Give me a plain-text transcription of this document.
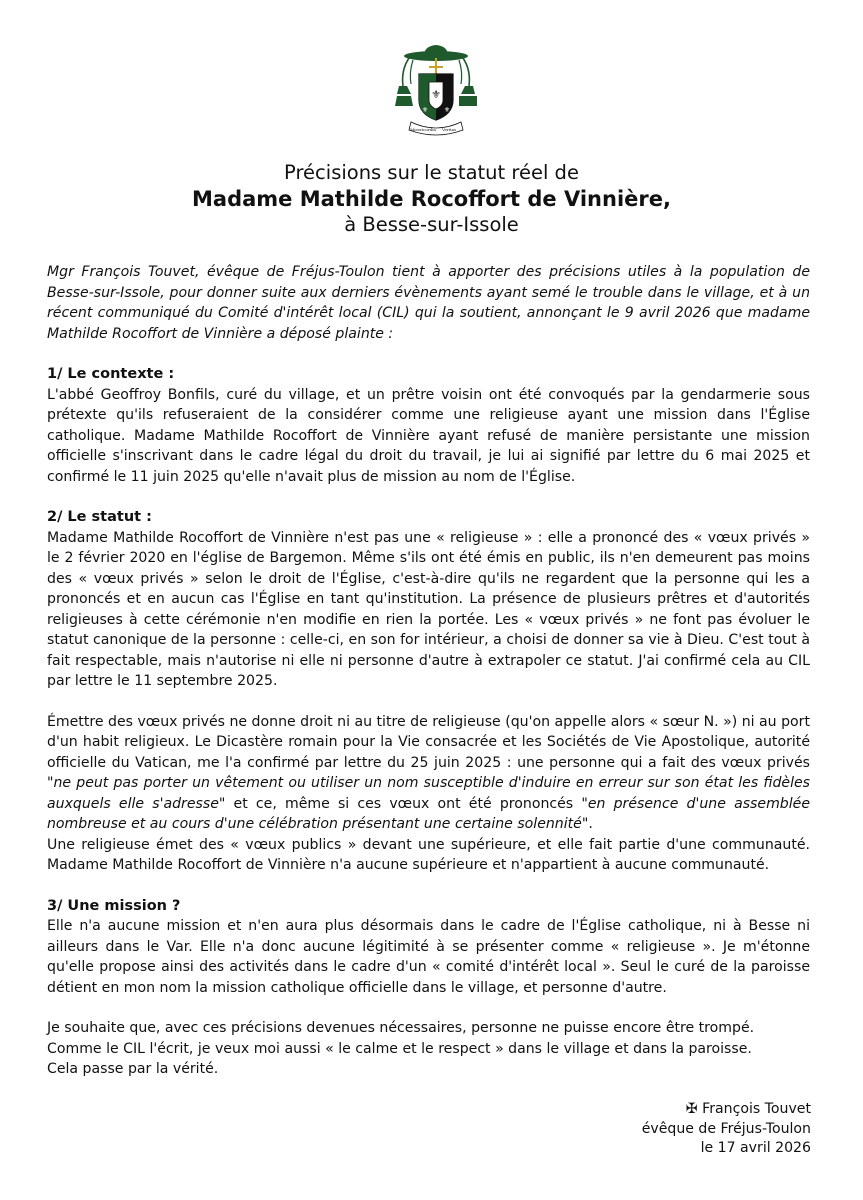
⚜
⚜ ⚜
Misericordia Veritas
Précisions sur le statut réel de
Madame Mathilde Rocoffort de Vinnière,
à Besse-sur-Issole

Mgr François Touvet, évêque de Fréjus-Toulon tient à apporter des précisions utiles à la population de Besse-sur-Issole, pour donner suite aux derniers évènements ayant semé le trouble dans le village, et à un récent communiqué du Comité d'intérêt local (CIL) qui la soutient, annonçant le 9 avril 2026 que madame Mathilde Rocoffort de Vinnière a déposé plainte :

1/ Le contexte :

L'abbé Geoffroy Bonfils, curé du village, et un prêtre voisin ont été convoqués par la gendarmerie sous prétexte qu'ils refuseraient de la considérer comme une religieuse ayant une mission dans l'Église catholique. Madame Mathilde Rocoffort de Vinnière ayant refusé de manière persistante une mission officielle s'inscrivant dans le cadre légal du droit du travail, je lui ai signifié par lettre du 6 mai 2025 et confirmé le 11 juin 2025 qu'elle n'avait plus de mission au nom de l'Église.

2/ Le statut :

Madame Mathilde Rocoffort de Vinnière n'est pas une « religieuse » : elle a prononcé des « vœux privés » le 2 février 2020 en l'église de Bargemon. Même s'ils ont été émis en public, ils n'en demeurent pas moins des « vœux privés » selon le droit de l'Église, c'est-à-dire qu'ils ne regardent que la personne qui les a prononcés et en aucun cas l'Église en tant qu'institution. La présence de plusieurs prêtres et d'autorités religieuses à cette cérémonie n'en modifie en rien la portée. Les « vœux privés » ne font pas évoluer le statut canonique de la personne : celle-ci, en son for intérieur, a choisi de donner sa vie à Dieu. C'est tout à fait respectable, mais n'autorise ni elle ni personne d'autre à extrapoler ce statut. J'ai confirmé cela au CIL par lettre le 11 septembre 2025.

Émettre des vœux privés ne donne droit ni au titre de religieuse (qu'on appelle alors « sœur N. ») ni au port d'un habit religieux. Le Dicastère romain pour la Vie consacrée et les Sociétés de Vie Apostolique, autorité officielle du Vatican, me l'a confirmé par lettre du 25 juin 2025 : une personne qui a fait des vœux privés "ne peut pas porter un vêtement ou utiliser un nom susceptible d'induire en erreur sur son état les fidèles auxquels elle s'adresse" et ce, même si ces vœux ont été prononcés "en présence d'une assemblée nombreuse et au cours d'une célébration présentant une certaine solennité".

Une religieuse émet des « vœux publics » devant une supérieure, et elle fait partie d'une communauté. Madame Mathilde Rocoffort de Vinnière n'a aucune supérieure et n'appartient à aucune communauté.

3/ Une mission ?

Elle n'a aucune mission et n'en aura plus désormais dans le cadre de l'Église catholique, ni à Besse ni ailleurs dans le Var. Elle n'a donc aucune légitimité à se présenter comme « religieuse ». Je m'étonne qu'elle propose ainsi des activités dans le cadre d'un « comité d'intérêt local ». Seul le curé de la paroisse détient en mon nom la mission catholique officielle dans le village, et personne d'autre.

Je souhaite que, avec ces précisions devenues nécessaires, personne ne puisse encore être trompé.

Comme le CIL l'écrit, je veux moi aussi « le calme et le respect » dans le village et dans la paroisse.

Cela passe par la vérité.

✠ François Touvet
évêque de Fréjus-Toulon
le 17 avril 2026
